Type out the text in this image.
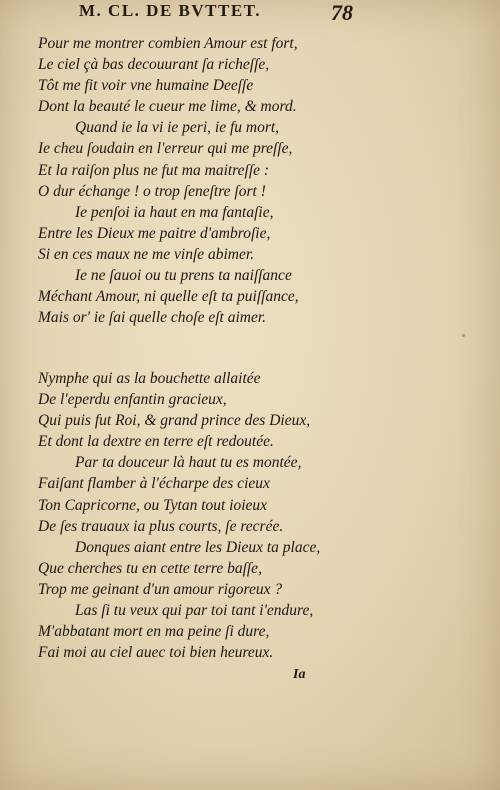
M. CL. DE BVTTET.	78
Pour me montrer combien Amour est fort,
Le ciel çà bas decouurant ſa richeſſe,
Tôt me fit voir vne humaine Deeſſe
Dont la beauté le cueur me lime, & mord.
Quand ie la vi ie peri, ie fu mort,
Ie cheu ſoudain en l'erreur qui me preſſe,
Et la raiſon plus ne fut ma maitreſſe :
O dur échange ! o trop ſeneſtre ſort !
Ie penſoi ia haut en ma fantaſie,
Entre les Dieux me paitre d'ambroſie,
Si en ces maux ne me vinſe abimer.
Ie ne ſauoi ou tu prens ta naiſſance
Méchant Amour, ni quelle eſt ta puiſſance,
Mais or' ie ſai quelle choſe eſt aimer.
Nymphe qui as la bouchette allaitée
De l'eperdu enfantin gracieux,
Qui puis fut Roi, & grand prince des Dieux,
Et dont la dextre en terre eſt redoutée.
Par ta douceur là haut tu es montée,
Faiſant flamber à l'écharpe des cieux
Ton Capricorne, ou Tytan tout ioieux
De ſes trauaux ia plus courts, ſe recrée.
Donques aiant entre les Dieux ta place,
Que cherches tu en cette terre baſſe,
Trop me geinant d'un amour rigoreux ?
Las ſi tu veux qui par toi tant i'endure,
M'abbatant mort en ma peine ſi dure,
Fai moi au ciel auec toi bien heureux.
Ia
